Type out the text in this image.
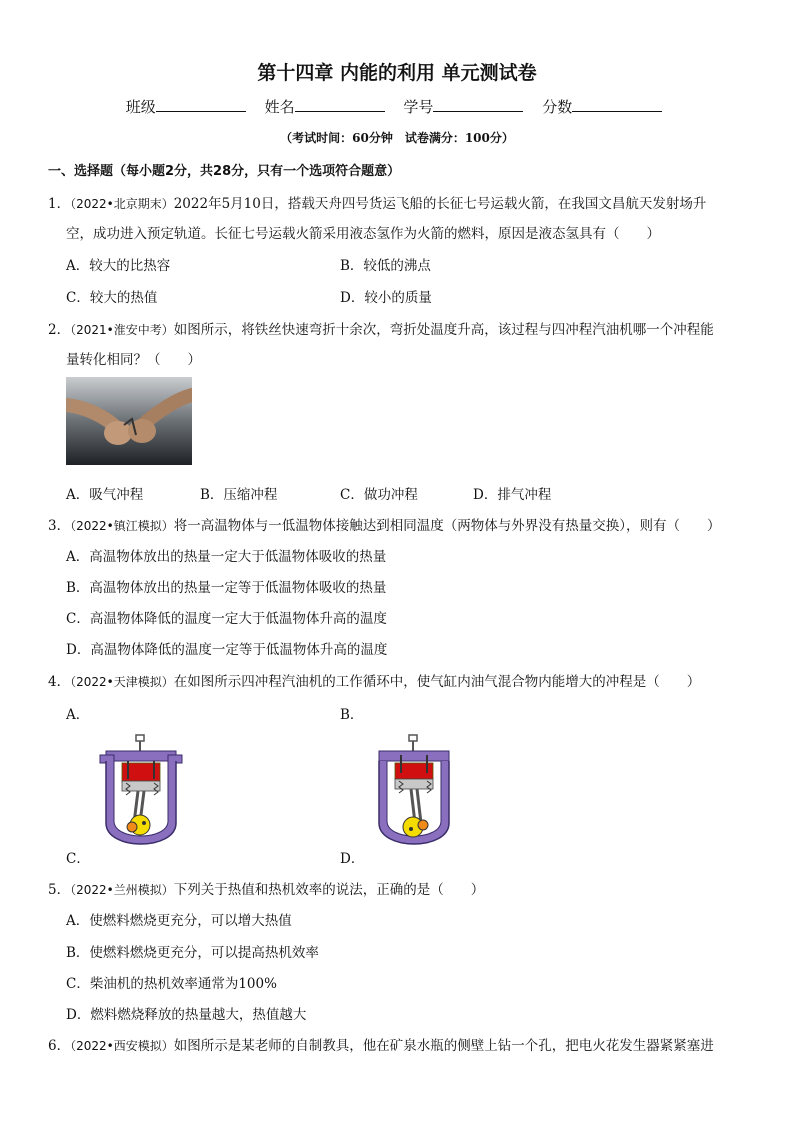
第十四章 内能的利用 单元测试卷
班级	姓名	学号	分数
（考试时间：60分钟　试卷满分：100分）
一、选择题（每小题2分，共28分，只有一个选项符合题意）
1．（2022•北京期末）2022年5月10日，搭载天舟四号货运飞船的长征七号运载火箭，在我国文昌航天发射场升
空，成功进入预定轨道。长征七号运载火箭采用液态氢作为火箭的燃料，原因是液态氢具有（　　）
A．较大的比热容	B．较低的沸点
C．较大的热值	D．较小的质量
2．（2021•淮安中考）如图所示，将铁丝快速弯折十余次，弯折处温度升高，该过程与四冲程汽油机哪一个冲程能
量转化相同？（　　）
A．吸气冲程	B．压缩冲程	C．做功冲程	D．排气冲程
3．（2022•镇江模拟）将一高温物体与一低温物体接触达到相同温度（两物体与外界没有热量交换），则有（　　）
A．高温物体放出的热量一定大于低温物体吸收的热量
B．高温物体放出的热量一定等于低温物体吸收的热量
C．高温物体降低的温度一定大于低温物体升高的温度
D．高温物体降低的温度一定等于低温物体升高的温度
4．（2022•天津模拟）在如图所示四冲程汽油机的工作循环中，使气缸内油气混合物内能增大的冲程是（　　）
A．	B．
C．	D．
5．（2022•兰州模拟）下列关于热值和热机效率的说法，正确的是（　　）
A．使燃料燃烧更充分，可以增大热值
B．使燃料燃烧更充分，可以提高热机效率
C．柴油机的热机效率通常为100%
D．燃料燃烧释放的热量越大，热值越大
6．（2022•西安模拟）如图所示是某老师的自制教具，他在矿泉水瓶的侧壁上钻一个孔，把电火花发生器紧紧塞进
